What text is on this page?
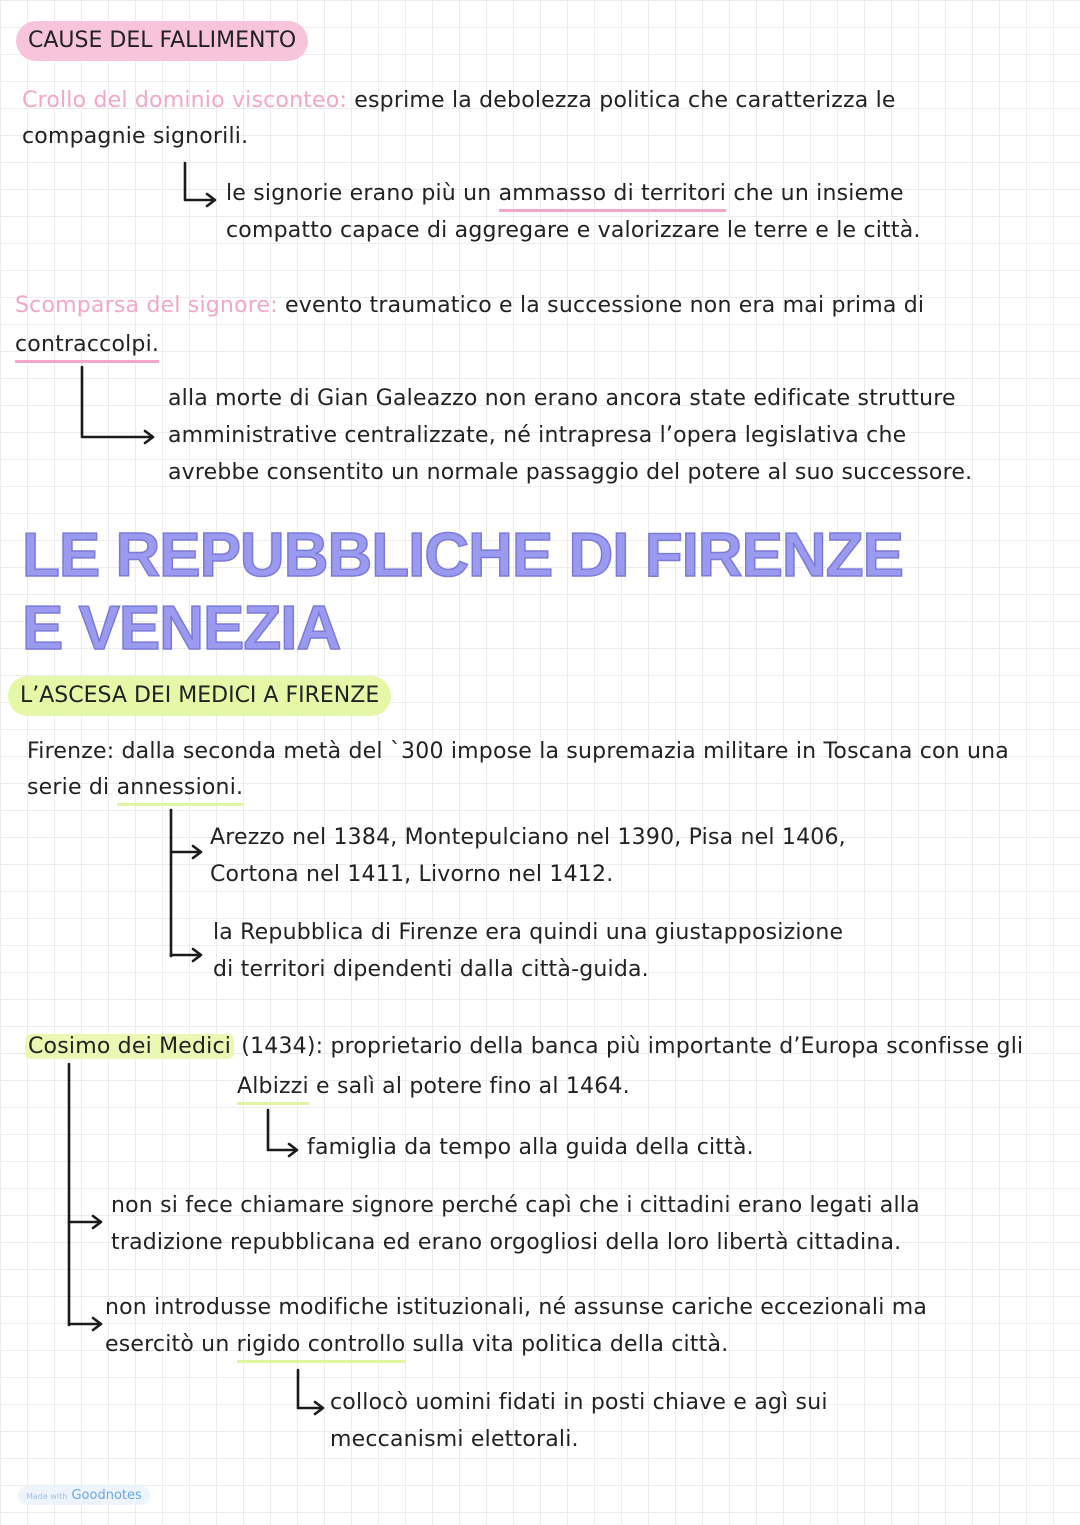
CAUSE DEL FALLIMENTO
Crollo del dominio visconteo: esprime la debolezza politica che caratterizza le
compagnie signorili.
le signorie erano più un ammasso di territori che un insieme
compatto capace di aggregare e valorizzare le terre e le città.
Scomparsa del signore: evento traumatico e la successione non era mai prima di
contraccolpi.
alla morte di Gian Galeazzo non erano ancora state edificate strutture
amministrative centralizzate, né intrapresa l’opera legislativa che
avrebbe consentito un normale passaggio del potere al suo successore.
LE REPUBBLICHE DI FIRENZE
E VENEZIA
L’ASCESA DEI MEDICI A FIRENZE
Firenze: dalla seconda metà del `300 impose la supremazia militare in Toscana con una
serie di annessioni.
Arezzo nel 1384, Montepulciano nel 1390, Pisa nel 1406,
Cortona nel 1411, Livorno nel 1412.
la Repubblica di Firenze era quindi una giustapposizione
di territori dipendenti dalla città-guida.
Cosimo dei Medici (1434): proprietario della banca più importante d’Europa sconfisse gli
Albizzi e salì al potere fino al 1464.
famiglia da tempo alla guida della città.
non si fece chiamare signore perché capì che i cittadini erano legati alla
tradizione repubblicana ed erano orgogliosi della loro libertà cittadina.
non introdusse modifiche istituzionali, né assunse cariche eccezionali ma
esercitò un rigido controllo sulla vita politica della città.
collocò uomini fidati in posti chiave e agì sui
meccanismi elettorali.
Made with Goodnotes
